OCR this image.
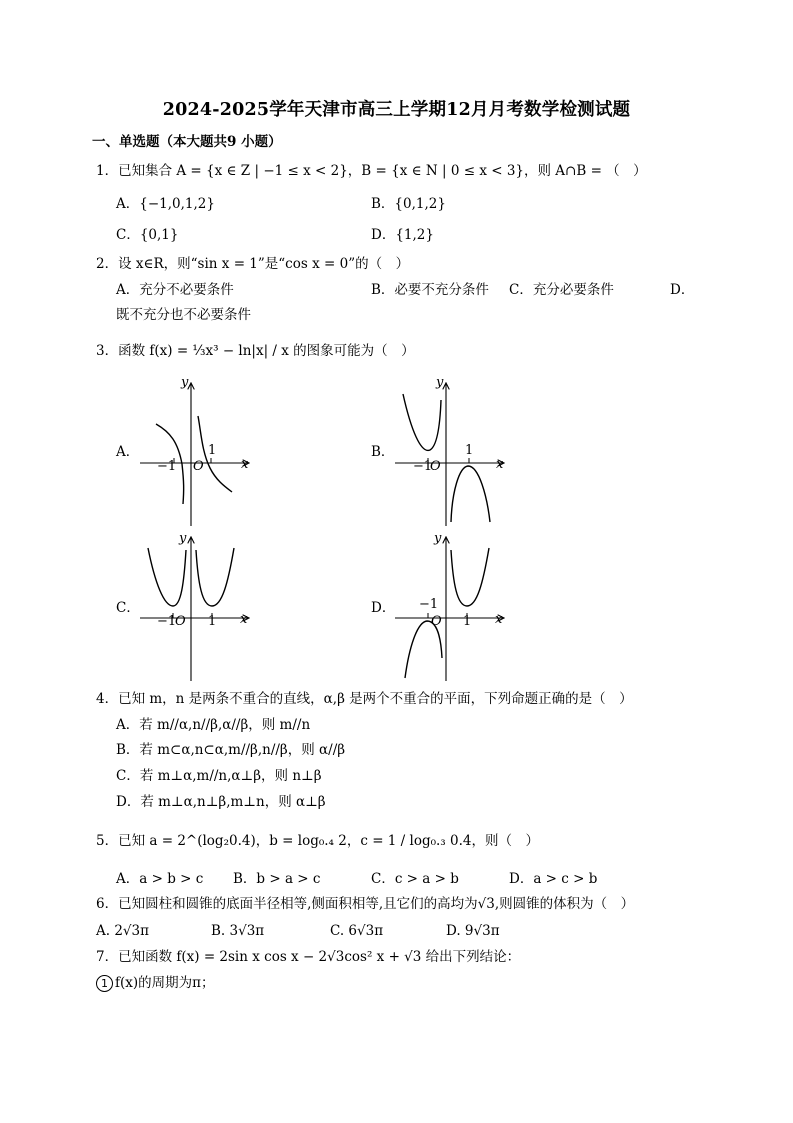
2024-2025学年天津市高三上学期12月月考数学检测试题
一、单选题（本大题共9 小题）
1．已知集合 A = {x ∈ Z | −1 ≤ x < 2}，B = {x ∈ N | 0 ≤ x < 3}，则 A∩B = （　）
A．{−1,0,1,2}	B．{0,1,2}
C．{0,1}	D．{1,2}
2．设 x∈R，则“sin x = 1”是“cos x = 0”的（　）
A．充分不必要条件	B．必要不充分条件 C．充分必要条件	D．
既不充分也不必要条件
3．函数 f(x) = ⅓x³ − ln|x| / x 的图象可能为（　）
A．	B．
C．	D．
y
x
−1 O
1
y
x
−1
O
1
y
x
−1
O 1
y
x
−1
O 1
4．已知 m，n 是两条不重合的直线，α,β 是两个不重合的平面，下列命题正确的是（　）
A．若 m//α,n//β,α//β，则 m//n
B．若 m⊂α,n⊂α,m//β,n//β，则 α//β
C．若 m⊥α,m//n,α⊥β，则 n⊥β
D．若 m⊥α,n⊥β,m⊥n，则 α⊥β
5．已知 a = 2^(log₂0.4)，b = log₀.₄ 2，c = 1 / log₀.₃ 0.4，则（　）
A．a > b > c B．b > a > c	C．c > a > b	D．a > c > b
6．已知圆柱和圆锥的底面半径相等,侧面积相等,且它们的高均为√3,则圆锥的体积为（　）
A. 2√3π	B. 3√3π	C. 6√3π	D. 9√3π
7．已知函数 f(x) = 2sin x cos x − 2√3cos² x + √3 给出下列结论：
1 f(x)的周期为π；
